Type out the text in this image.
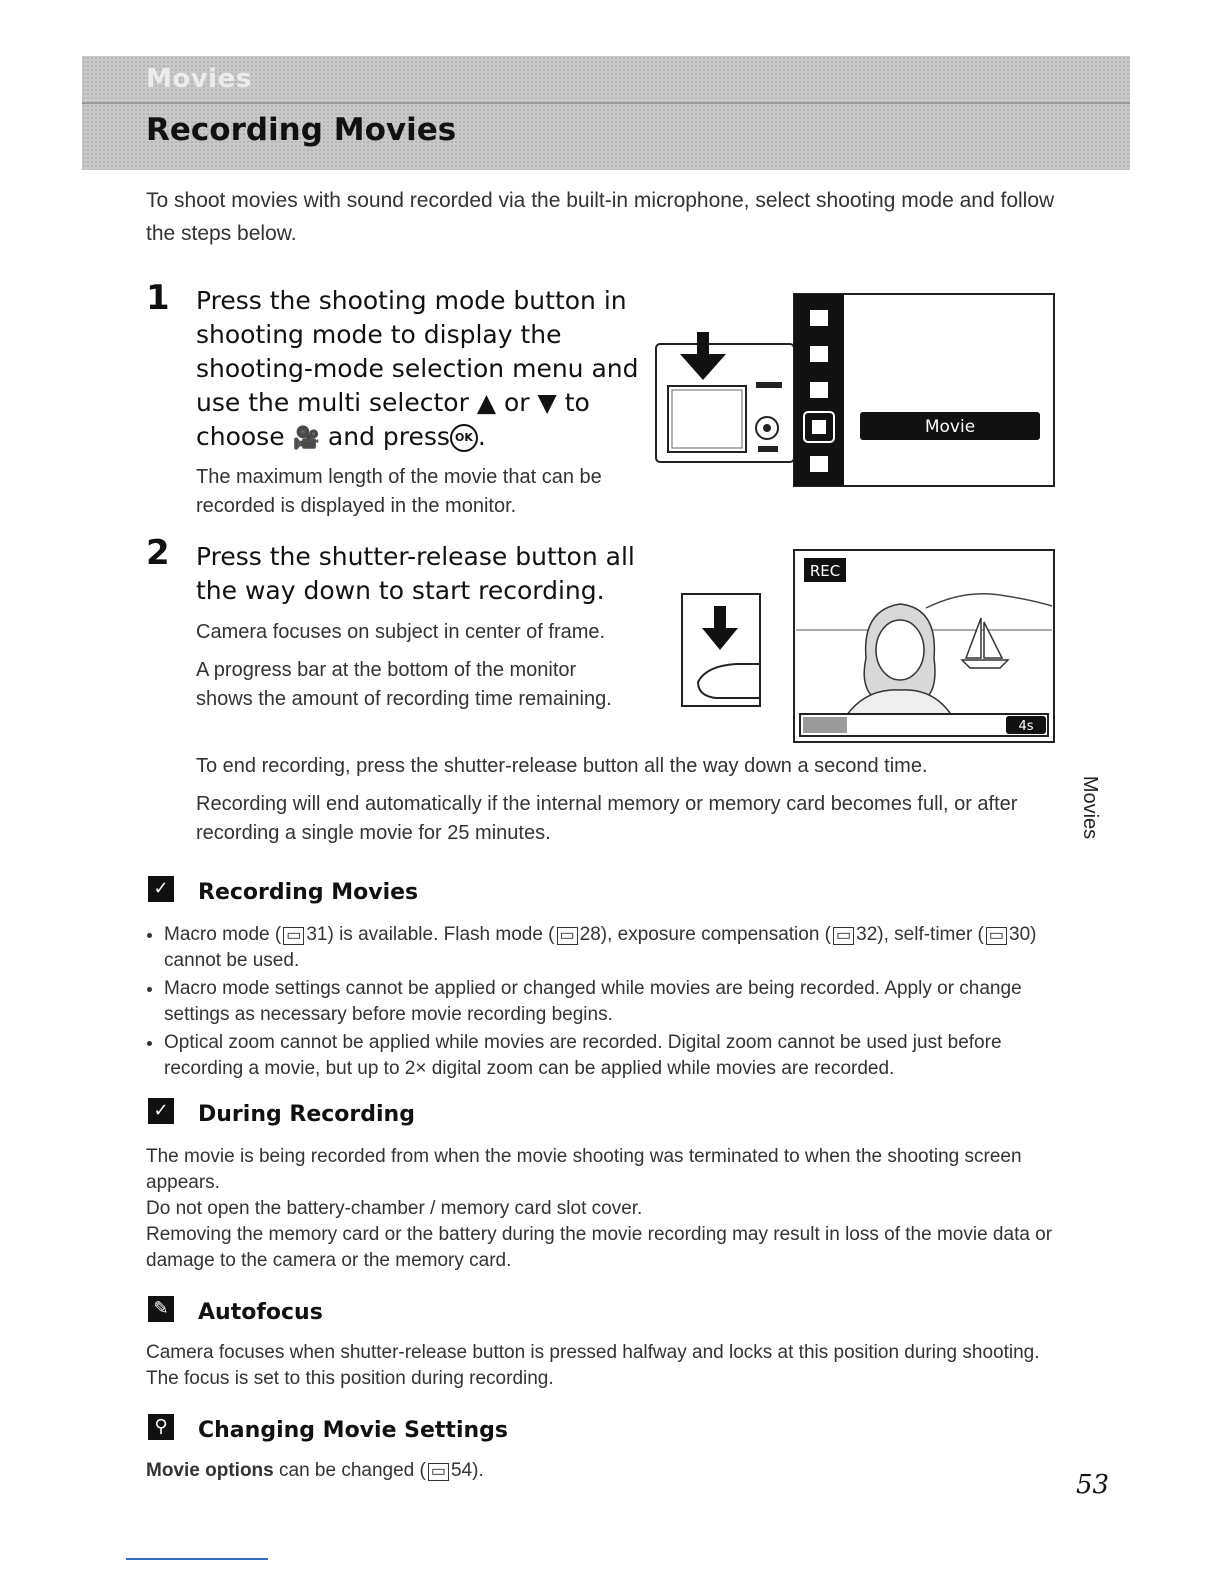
Movies
Recording Movies
To shoot movies with sound recorded via the built-in microphone, select shooting mode and follow the steps below.
1 Press the shooting mode button in shooting mode to display the shooting-mode selection menu and use the multi selector ▲ or ▼ to choose 🎥 and press OK .
The maximum length of the movie that can be recorded is displayed in the monitor.
Movie
2 Press the shutter-release button all the way down to start recording.

Camera focuses on subject in center of frame.

A progress bar at the bottom of the monitor shows the amount of recording time remaining.

To end recording, press the shutter-release button all the way down a second time.

Recording will end automatically if the internal memory or memory card becomes full, or after recording a single movie for 25 minutes.

REC
4s
Movies
✓ Recording Movies
• Macro mode ( ▭ 31) is available. Flash mode ( ▭ 28), exposure compensation ( ▭ 32), self-timer ( ▭ 30) cannot be used.
• Macro mode settings cannot be applied or changed while movies are being recorded. Apply or change settings as necessary before movie recording begins.
• Optical zoom cannot be applied while movies are recorded. Digital zoom cannot be used just before recording a movie, but up to 2× digital zoom can be applied while movies are recorded.
✓ During Recording
The movie is being recorded from when the movie shooting was terminated to when the shooting screen appears.
Do not open the battery-chamber / memory card slot cover.
Removing the memory card or the battery during the movie recording may result in loss of the movie data or damage to the camera or the memory card.
✎ Autofocus
Camera focuses when shutter-release button is pressed halfway and locks at this position during shooting. The focus is set to this position during recording.
⚲ Changing Movie Settings
Movie options can be changed ( ▭ 54).	53
